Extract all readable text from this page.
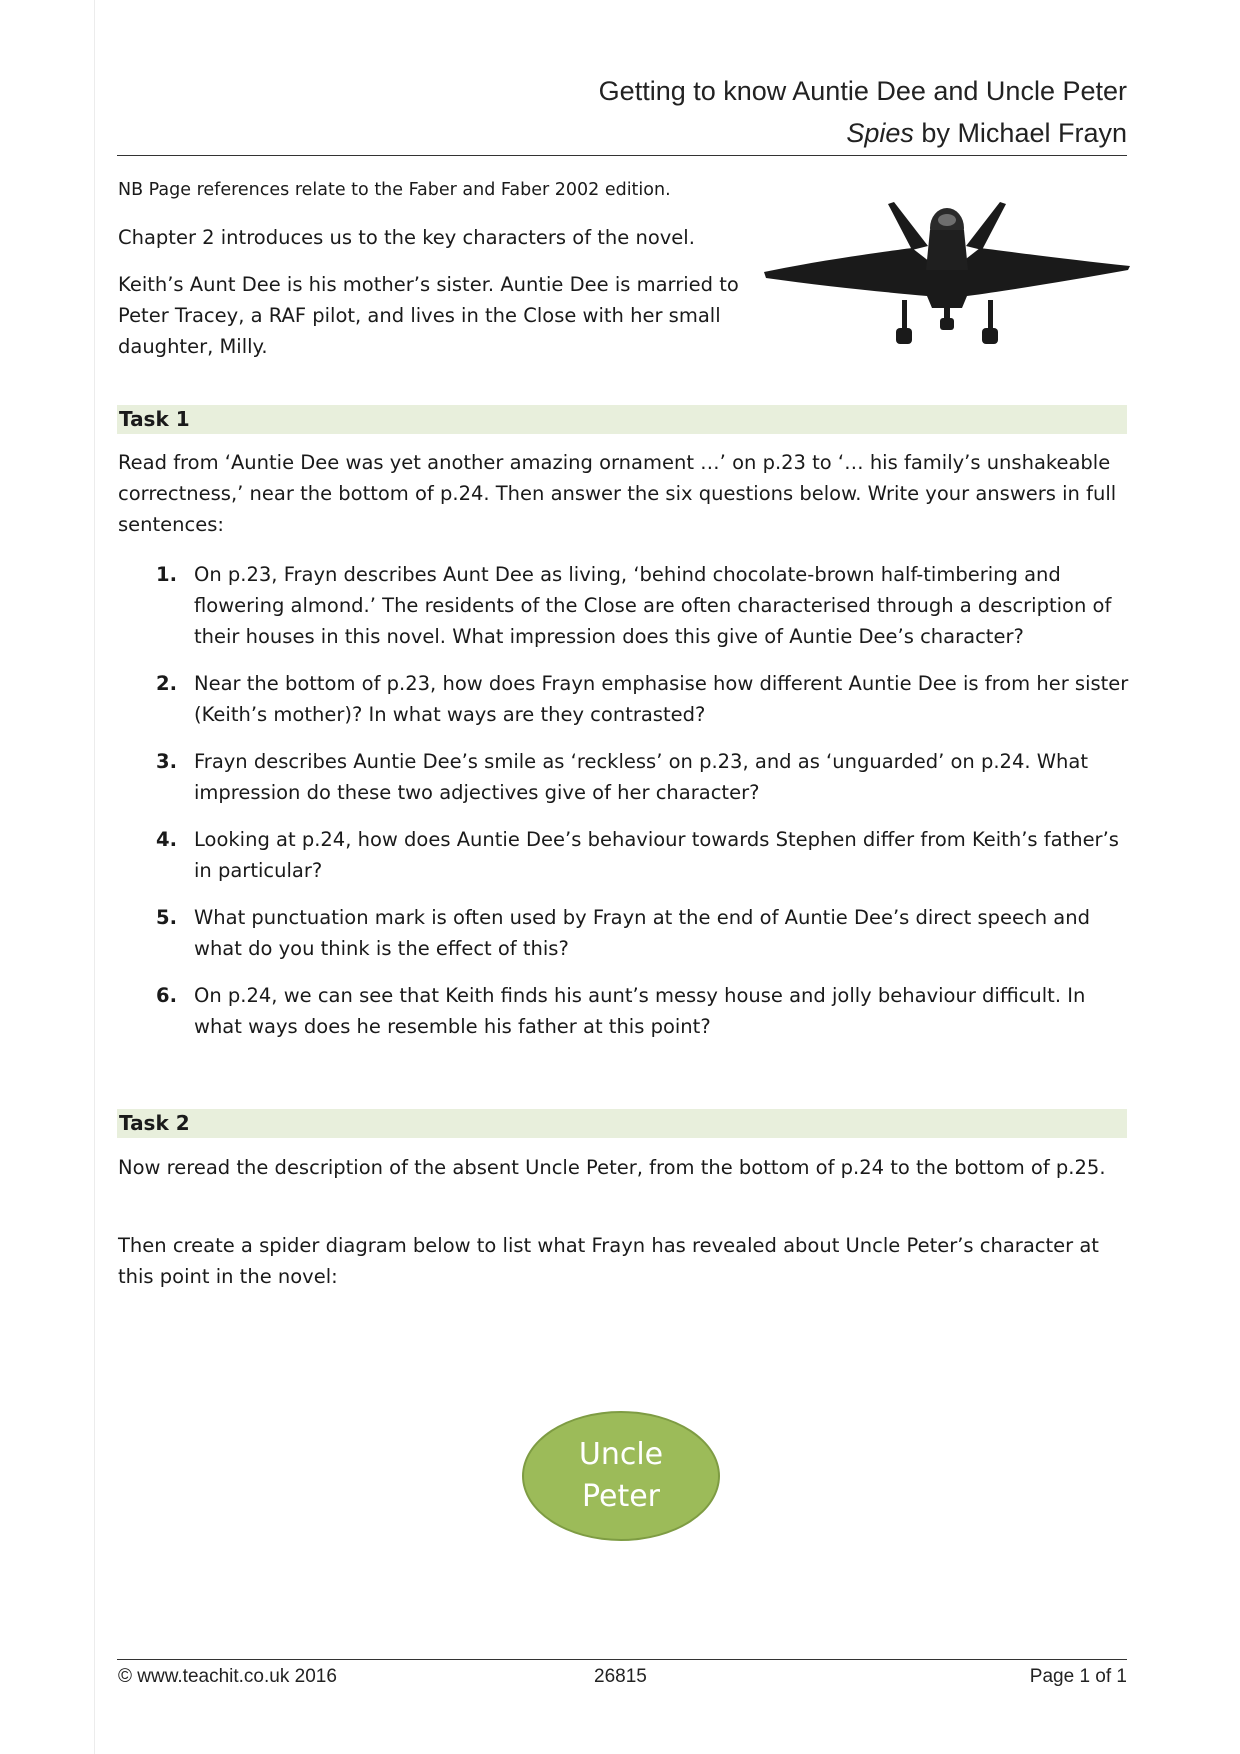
Getting to know Auntie Dee and Uncle Peter
Spies by Michael Frayn
NB Page references relate to the Faber and Faber 2002 edition.
Chapter 2 introduces us to the key characters of the novel.
Keith’s Aunt Dee is his mother’s sister. Auntie Dee is married to Peter Tracey, a RAF pilot, and lives in the Close with her small daughter, Milly.
Task 1
Read from ‘Auntie Dee was yet another amazing ornament …’ on p.23 to ‘… his family’s unshakeable correctness,’ near the bottom of p.24. Then answer the six questions below. Write your answers in full sentences:
1. On p.23, Frayn describes Aunt Dee as living, ‘behind chocolate-brown half-timbering and flowering almond.’ The residents of the Close are often characterised through a description of their houses in this novel. What impression does this give of Auntie Dee’s character?
2. Near the bottom of p.23, how does Frayn emphasise how different Auntie Dee is from her sister (Keith’s mother)? In what ways are they contrasted?
3. Frayn describes Auntie Dee’s smile as ‘reckless’ on p.23, and as ‘unguarded’ on p.24. What impression do these two adjectives give of her character?
4. Looking at p.24, how does Auntie Dee’s behaviour towards Stephen differ from Keith’s father’s in particular?
5. What punctuation mark is often used by Frayn at the end of Auntie Dee’s direct speech and what do you think is the effect of this?
6. On p.24, we can see that Keith finds his aunt’s messy house and jolly behaviour difficult. In what ways does he resemble his father at this point?
Task 2
Now reread the description of the absent Uncle Peter, from the bottom of p.24 to the bottom of p.25.
Then create a spider diagram below to list what Frayn has revealed about Uncle Peter’s character at this point in the novel:
Uncle Peter
© www.teachit.co.uk 2016	26815	Page 1 of 1
